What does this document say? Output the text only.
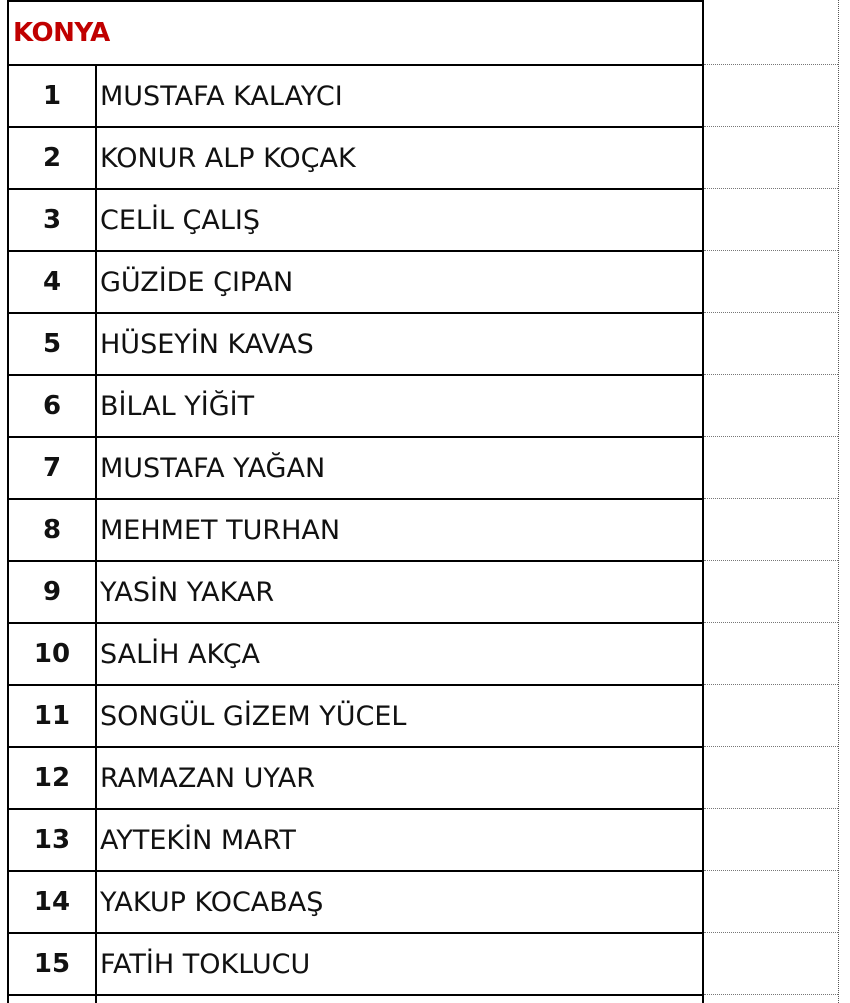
KONYA
1	MUSTAFA KALAYCI
2	KONUR ALP KOÇAK
3	CELİL ÇALIŞ
4	GÜZİDE ÇIPAN
5	HÜSEYİN KAVAS
6	BİLAL YİĞİT
7	MUSTAFA YAĞAN
8	MEHMET TURHAN
9	YASİN YAKAR
10	SALİH AKÇA
11	SONGÜL GİZEM YÜCEL
12	RAMAZAN UYAR
13	AYTEKİN MART
14	YAKUP KOCABAŞ
15	FATİH TOKLUCU
